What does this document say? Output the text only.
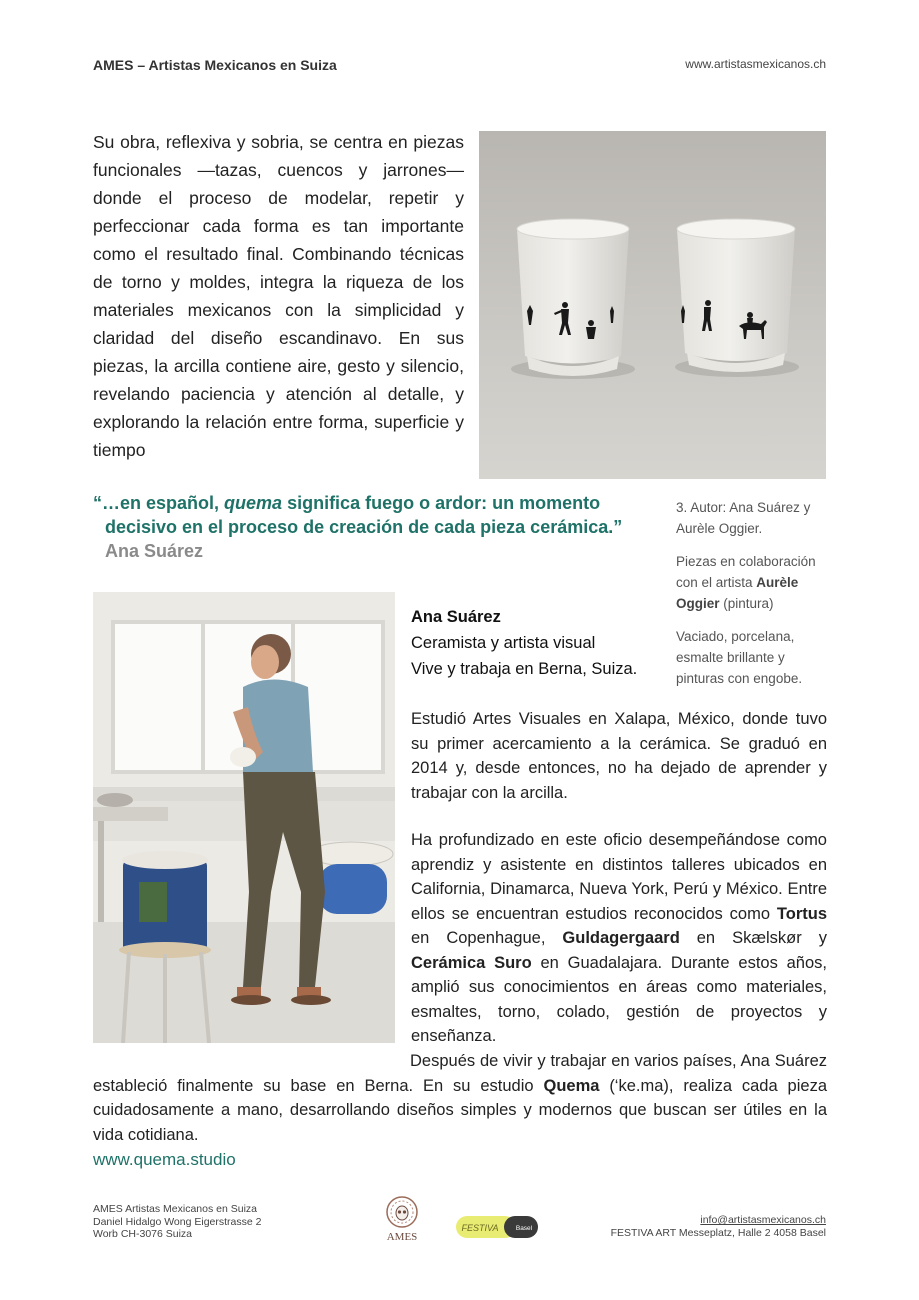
AMES – Artistas Mexicanos en Suiza	www.artistasmexicanos.ch
Su obra, reflexiva y sobria, se centra en piezas funcionales —tazas, cuencos y jarrones— donde el proceso de modelar, repetir y perfeccionar cada forma es tan importante como el resultado final. Combinando técnicas de torno y moldes, integra la riqueza de los materiales mexicanos con la simplicidad y claridad del diseño escandinavo. En sus piezas, la arcilla contiene aire, gesto y silencio, revelando paciencia y atención al detalle, y explorando la relación entre forma, superficie y tiempo
“…en español, quema significa fuego o ardor: un momento
decisivo en el proceso de creación de cada pieza cerámica.” Ana Suárez

3. Autor: Ana Suárez y Aurèle Oggier.

Piezas en colaboración con el artista Aurèle Oggier (pintura)

Vaciado, porcelana, esmalte brillante y pinturas con engobe.

Ana Suárez
Ceramista y artista visual
Vive y trabaja en Berna, Suiza.
Estudió Artes Visuales en Xalapa, México, donde tuvo su primer acercamiento a la cerámica. Se graduó en 2014 y, desde entonces, no ha dejado de aprender y trabajar con la arcilla.
Ha profundizado en este oficio desempeñándose como aprendiz y asistente en distintos talleres ubicados en California, Dinamarca, Nueva York, Perú y México. Entre ellos se encuentran estudios reconocidos como Tortus en Copenhague, Guldagergaard en Skælskør y Cerámica Suro en Guadalajara. Durante estos años, amplió sus conocimientos en áreas como materiales, esmaltes, torno, colado, gestión de proyectos y enseñanza.
Después de vivir y trabajar en varios países, Ana Suárez estableció finalmente su base en Berna. En su estudio Quema (‘ke.ma), realiza cada pieza cuidadosamente a mano, desarrollando diseños simples y modernos que buscan ser útiles en la vida cotidiana.
www.quema.studio
AMES Artistas Mexicanos en Suiza
Daniel Hidalgo Wong Eigerstrasse 2
Worb CH-3076 Suiza	AMES
FESTIVA	Basel
info@artistasmexicanos.ch
FESTIVA ART Messeplatz, Halle 2 4058 Basel
